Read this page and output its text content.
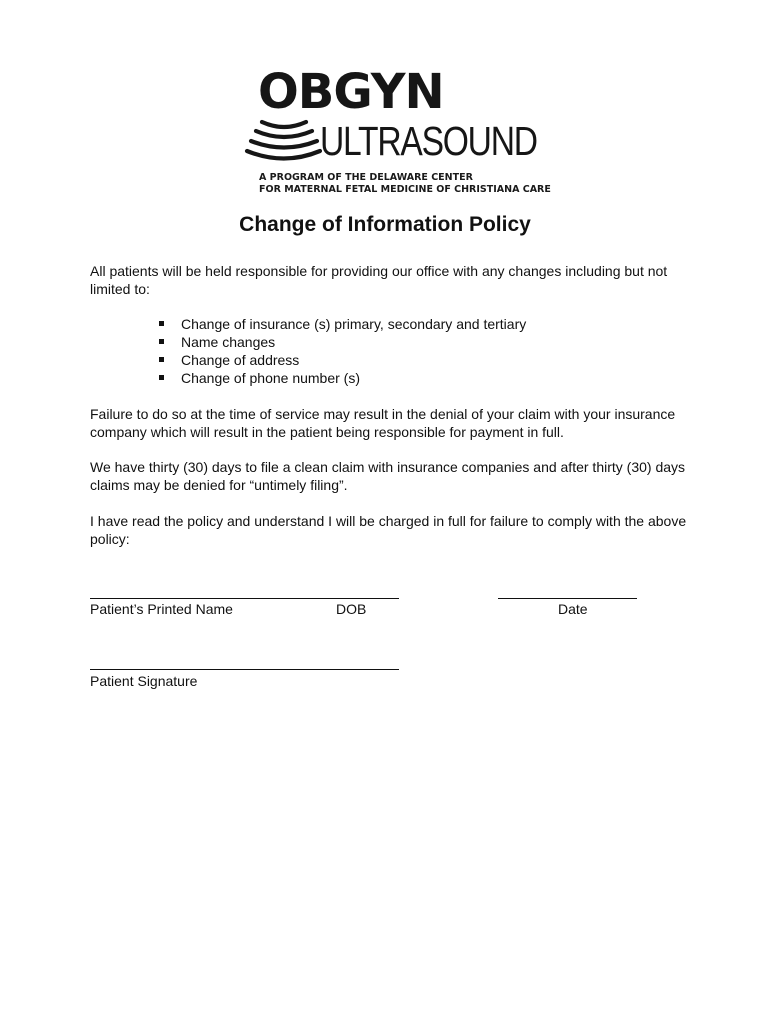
OBGYN
ULTRASOUND
A PROGRAM OF THE DELAWARE CENTER
FOR MATERNAL FETAL MEDICINE OF CHRISTIANA CARE
Change of Information Policy

All patients will be held responsible for providing our office with any changes including but not limited to:

Change of insurance (s) primary, secondary and tertiary
Name changes
Change of address
Change of phone number (s)

Failure to do so at the time of service may result in the denial of your claim with your insurance company which will result in the patient being responsible for payment in full.

We have thirty (30) days to file a clean claim with insurance companies and after thirty (30) days claims may be denied for “untimely filing”.

I have read the policy and understand I will be charged in full for failure to comply with the above policy:

Patient’s Printed Name	DOB	Date
Patient Signature
